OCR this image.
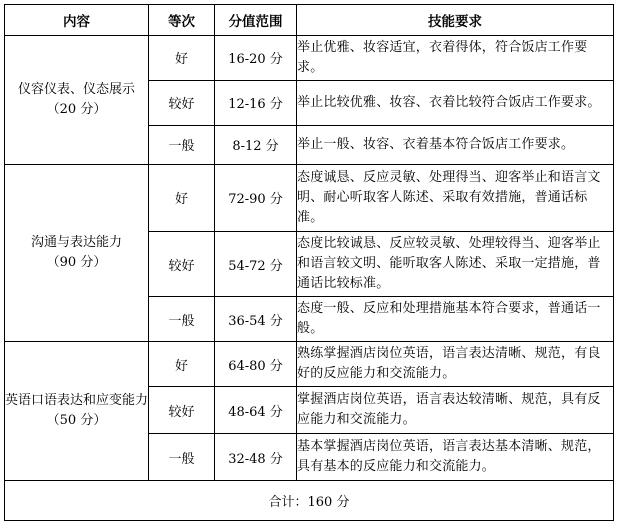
内容	等次	分值范围	技能要求

仪容仪表、仪态展示
（20 分）	好	16-20 分	举止优雅、妆容适宜，衣着得体，符合饭店工作要求。
	较好	12-16 分	举止比较优雅、妆容、衣着比较符合饭店工作要求。
	一般	8-12 分	举止一般、妆容、衣着基本符合饭店工作要求。

沟通与表达能力
（90 分）	好	72-90 分	态度诚恳、反应灵敏、处理得当、迎客举止和语言文明、耐心听取客人陈述、采取有效措施，普通话标准。
	较好	54-72 分	态度比较诚恳、反应较灵敏、处理较得当、迎客举止和语言较文明、能听取客人陈述、采取一定措施，普通话比较标准。
	一般	36-54 分	态度一般、反应和处理措施基本符合要求，普通话一般。

英语口语表达和应变能力
（50 分）	好	64-80 分	熟练掌握酒店岗位英语，语言表达清晰、规范，有良好的反应能力和交流能力。
	较好	48-64 分	掌握酒店岗位英语，语言表达较清晰、规范，具有反应能力和交流能力。
	一般	32-48 分	基本掌握酒店岗位英语，语言表达基本清晰、规范，具有基本的反应能力和交流能力。
合计：160 分			
